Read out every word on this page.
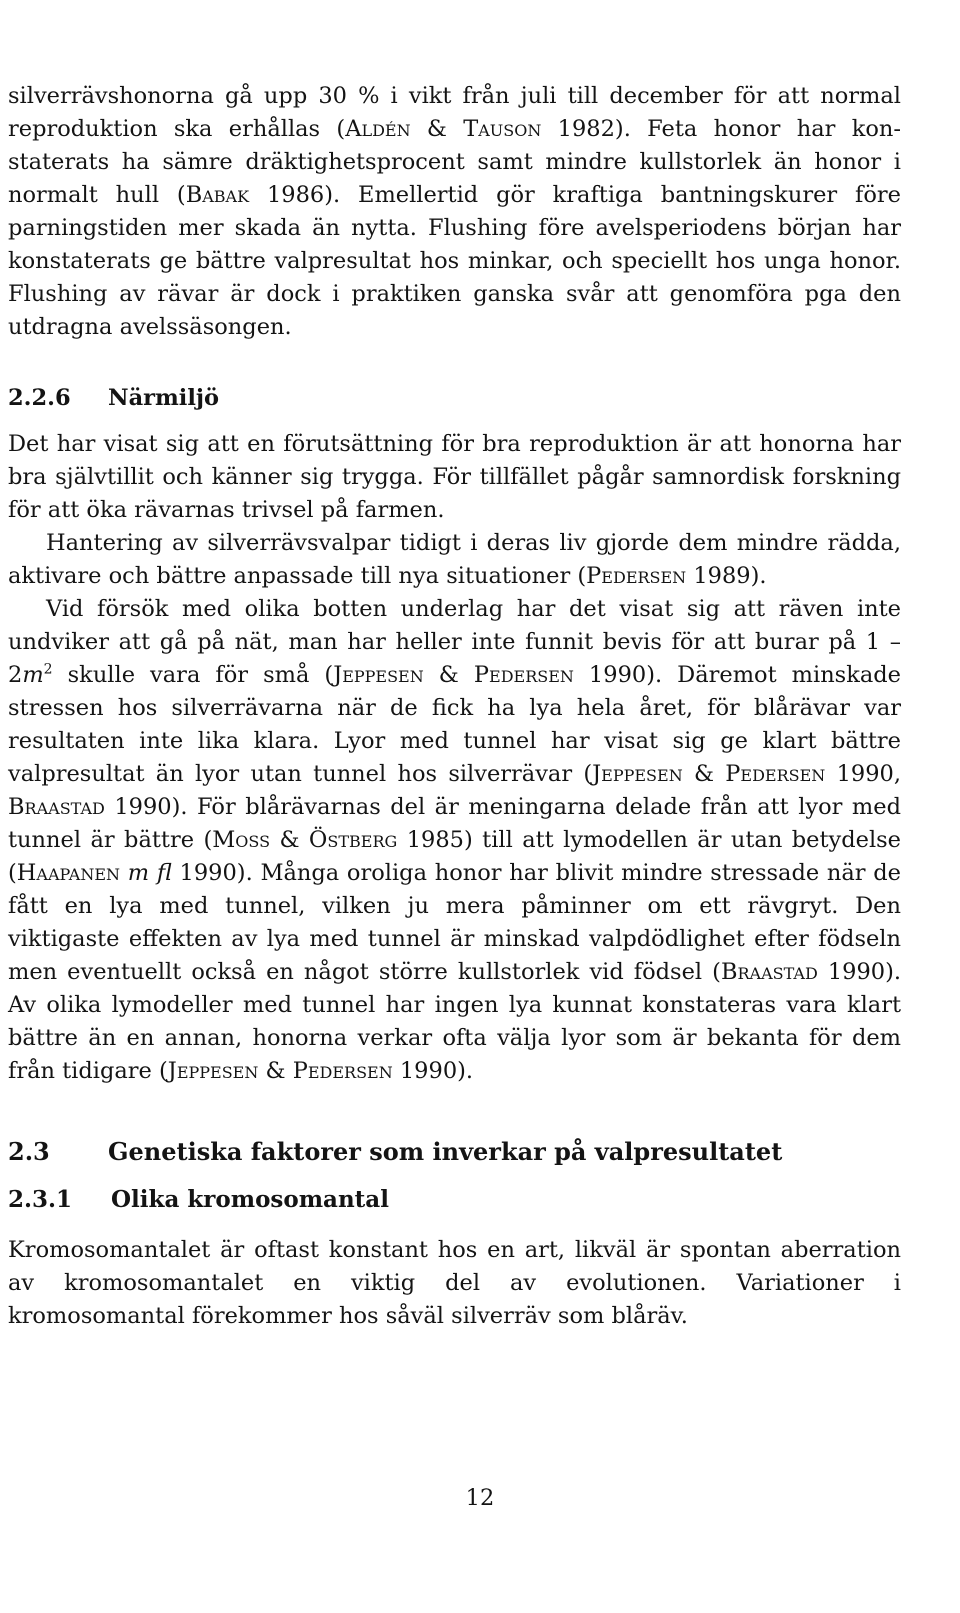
silverrävshonorna gå upp 30 % i vikt från juli till december för att normal reproduktion ska erhållas (Aldén & Tauson 1982). Feta honor har konstaterats ha sämre dräktighetsprocent samt mindre kullstorlek än honor i normalt hull (Babak 1986). Emellertid gör kraftiga bantningskurer före parningstiden mer skada än nytta. Flushing före avelsperiodens början har konstaterats ge bättre valpresultat hos minkar, och speciellt hos unga honor. Flushing av rävar är dock i praktiken ganska svår att genomföra pga den utdragna avelssäsongen.

2.2.6 Närmiljö

Det har visat sig att en förutsättning för bra reproduktion är att honorna har bra självtillit och känner sig trygga. För tillfället pågår samnordisk forskning för att öka rävarnas trivsel på farmen.

Hantering av silverrävsvalpar tidigt i deras liv gjorde dem mindre rädda, aktivare och bättre anpassade till nya situationer (Pedersen 1989).

Vid försök med olika botten underlag har det visat sig att räven inte undviker att gå på nät, man har heller inte funnit bevis för att burar på $1 - 2m^2$ skulle vara för små (Jeppesen & Pedersen 1990). Däremot minskade stressen hos silverrävarna när de fick ha lya hela året, för blårävar var resultaten inte lika klara. Lyor med tunnel har visat sig ge klart bättre valpresultat än lyor utan tunnel hos silverrävar (Jeppesen & Pedersen 1990, Braastad 1990). För blårävarnas del är meningarna delade från att lyor med tunnel är bättre (Moss & Östberg 1985) till att lymodellen är utan betydelse (Haapanen m fl 1990). Många oroliga honor har blivit mindre stressade när de fått en lya med tunnel, vilken ju mera påminner om ett rävgryt. Den viktigaste effekten av lya med tunnel är minskad valpdödlighet efter födseln men eventuellt också en något större kullstorlek vid födsel (Braastad 1990). Av olika lymodeller med tunnel har ingen lya kunnat konstateras vara klart bättre än en annan, honorna verkar ofta välja lyor som är bekanta för dem från tidigare (Jeppesen & Pedersen 1990).

2.3 Genetiska faktorer som inverkar på valpresultatet
2.3.1 Olika kromosomantal

Kromosomantalet är oftast konstant hos en art, likväl är spontan aberration av kromosomantalet en viktig del av evolutionen. Variationer i kromosomantal förekommer hos såväl silverräv som blåräv.

12
